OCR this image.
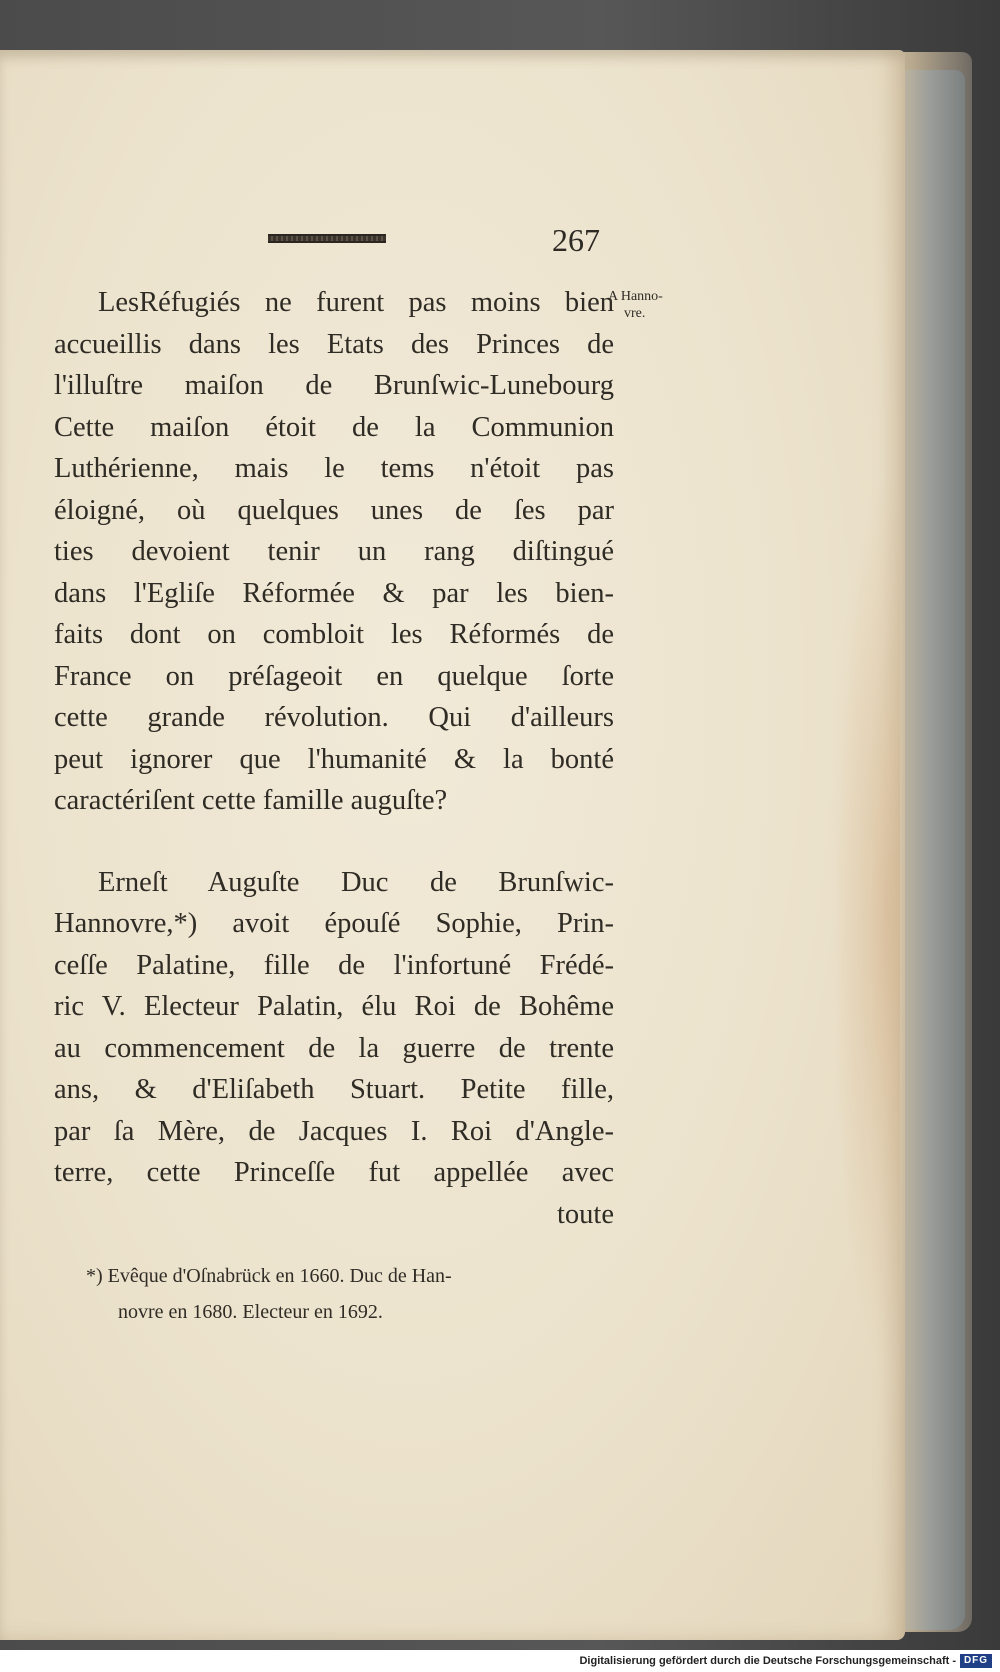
267
A Hanno-
vre.
LesRéfugiés ne furent pas moins bien
accueillis dans les Etats des Princes de
l'illuſtre maiſon de Brunſwic-Lunebourg
Cette maiſon étoit de la Communion
Luthérienne, mais le tems n'étoit pas
éloigné, où quelques unes de ſes par
ties devoient tenir un rang diſtingué
dans l'Egliſe Réformée & par les bien-
faits dont on combloit les Réformés de
France on préſageoit en quelque ſorte
cette grande révolution. Qui d'ailleurs
peut ignorer que l'humanité & la bonté
caractériſent cette famille auguſte?
Erneſt Auguſte Duc de Brunſwic-
Hannovre,*) avoit épouſé Sophie, Prin-
ceſſe Palatine, fille de l'infortuné Frédé-
ric V. Electeur Palatin, élu Roi de Bohême
au commencement de la guerre de trente
ans, & d'Eliſabeth Stuart. Petite fille,
par ſa Mère, de Jacques I. Roi d'Angle-
terre, cette Princeſſe fut appellée avec
toute
*) Evêque d'Oſnabrück en 1660. Duc de Han-
novre en 1680. Electeur en 1692.
Digitalisierung gefördert durch die Deutsche Forschungsgemeinschaft - DFG
